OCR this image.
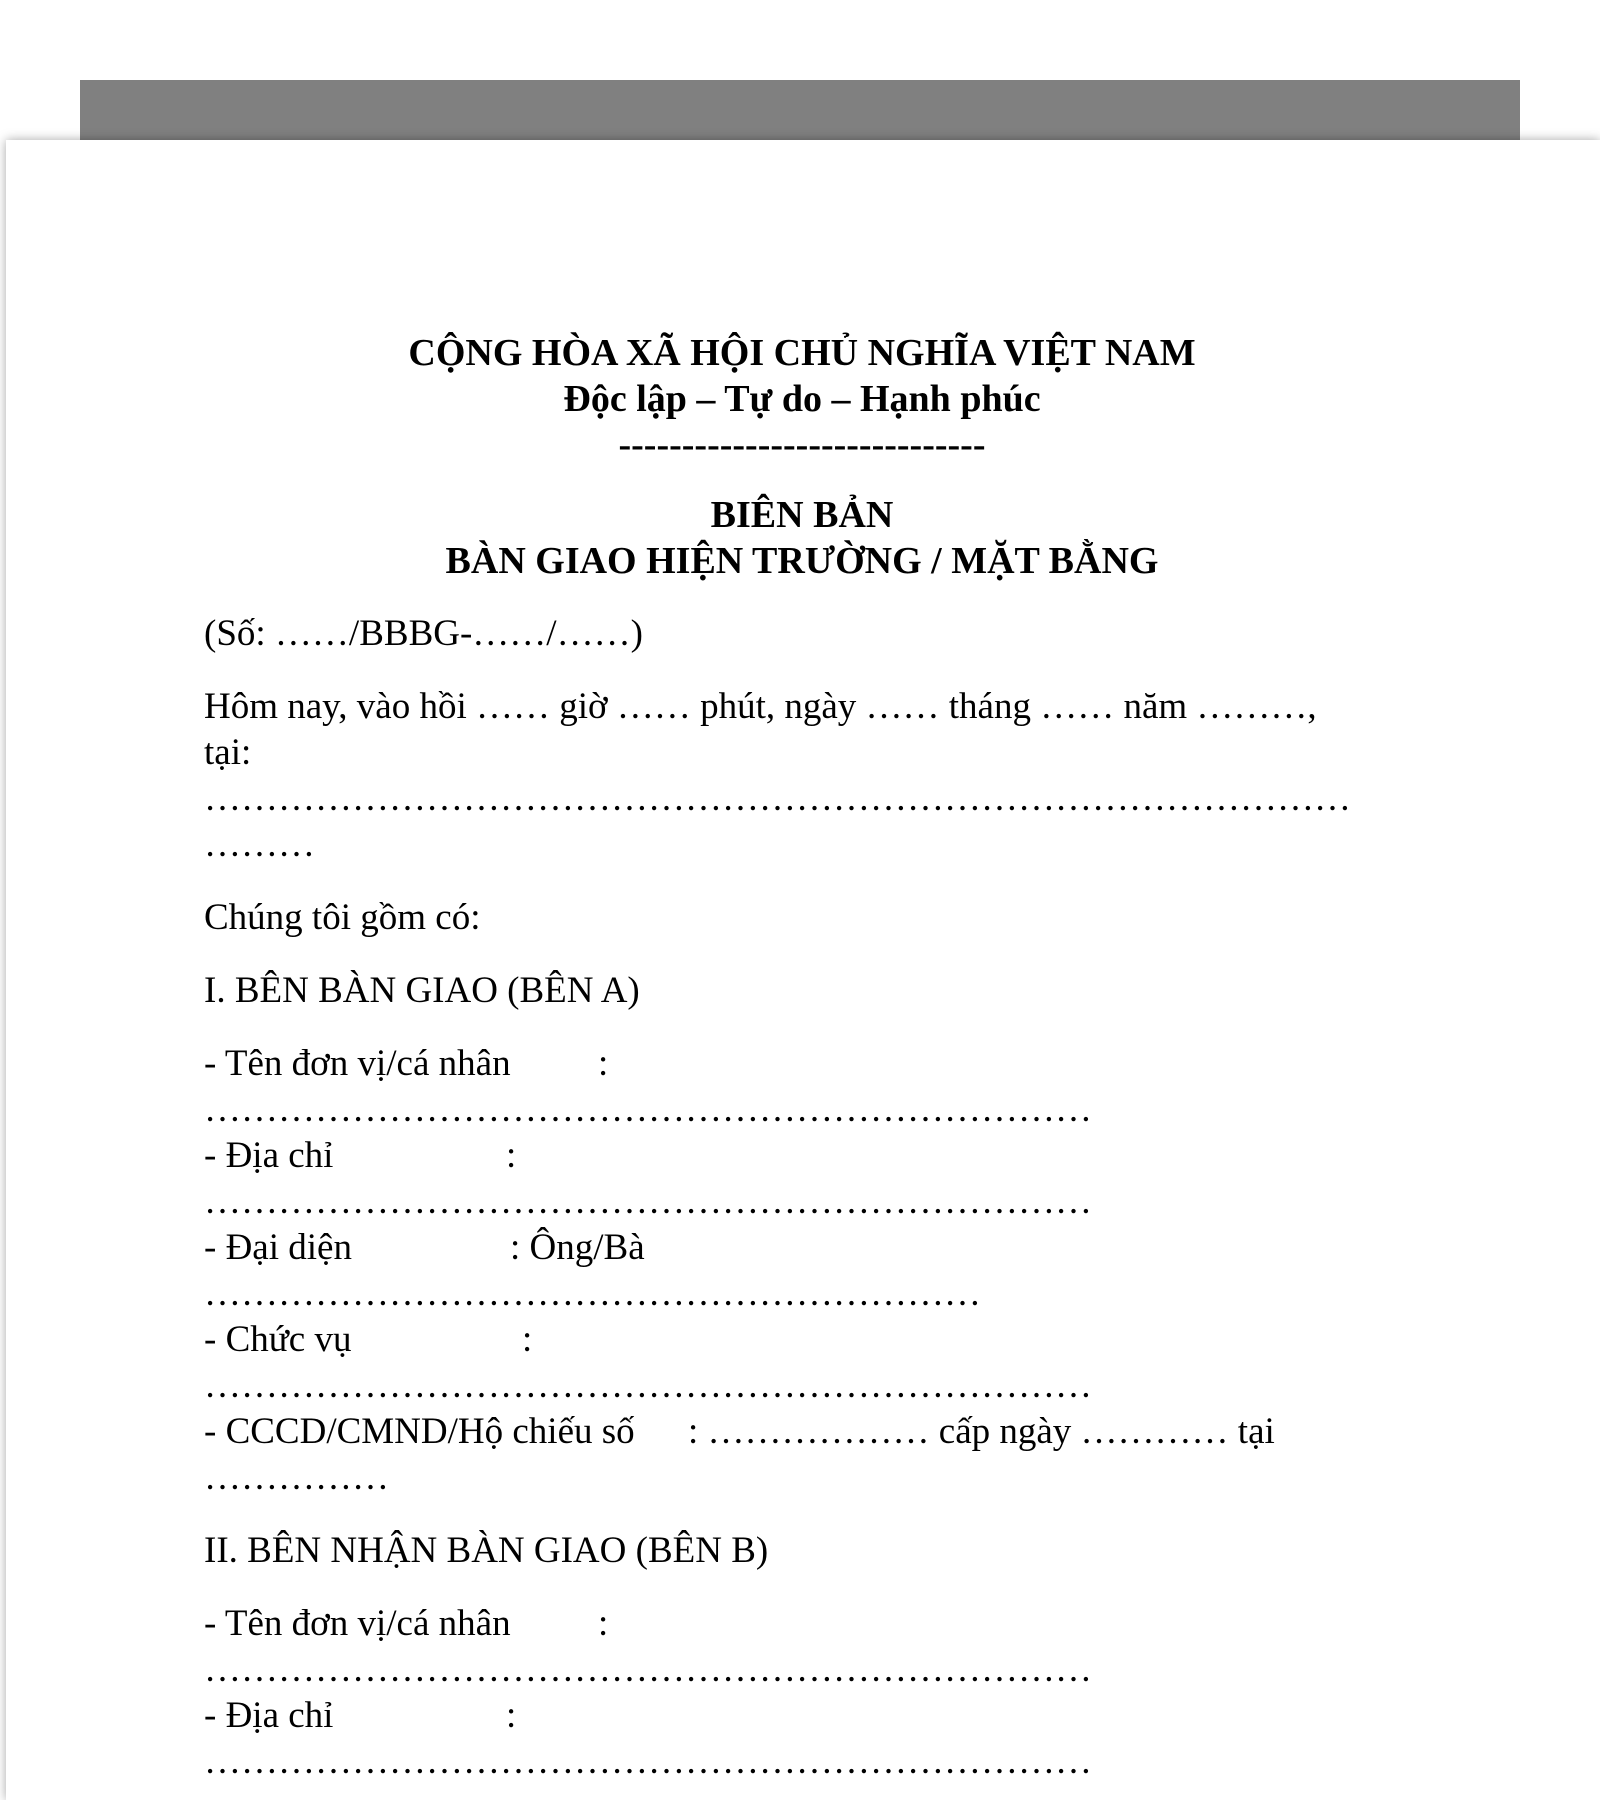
CỘNG HÒA XÃ HỘI CHỦ NGHĨA VIỆT NAM
Độc lập – Tự do – Hạnh phúc
-----------------------------
BIÊN BẢN
BÀN GIAO HIỆN TRƯỜNG / MẶT BẰNG
(Số: ……/BBBG-……/……)
Hôm nay, vào hồi …… giờ …… phút, ngày …… tháng …… năm ………,
tại:
…………………………………………………………………………………
………
Chúng tôi gồm có:
I. BÊN BÀN GIAO (BÊN A)
- Tên đơn vị/cá nhân :
………………………………………………………………
- Địa chỉ	:
………………………………………………………………
- Đại diện	: Ông/Bà
………………………………………………………
- Chức vụ	:
………………………………………………………………
- CCCD/CMND/Hộ chiếu số : ……………… cấp ngày ………… tại
……………
II. BÊN NHẬN BÀN GIAO (BÊN B)
- Tên đơn vị/cá nhân :
………………………………………………………………
- Địa chỉ	:
………………………………………………………………
